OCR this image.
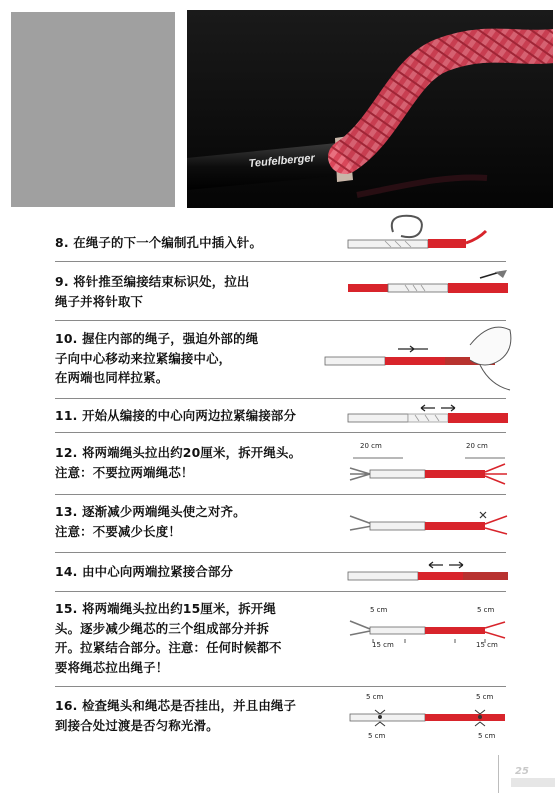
Teufelberger
8. 在绳子的下一个编制孔中插入针。
9. 将针推至编接结束标识处，拉出
绳子并将针取下
10. 握住内部的绳子，强迫外部的绳
子向中心移动来拉紧编接中心，
在两端也同样拉紧。
11. 开始从编接的中心向两边拉紧编接部分
12. 将两端绳头拉出约20厘米，拆开绳头。
注意：不要拉两端绳芯！
20 cm	20 cm
13. 逐渐减少两端绳头使之对齐。
注意：不要减少长度！
14. 由中心向两端拉紧接合部分
15. 将两端绳头拉出约15厘米，拆开绳
头。逐步减少绳芯的三个组成部分并拆
开。拉紧结合部分。注意：任何时候都不
要将绳芯拉出绳子！
5 cm	5 cm
15 cm	15 cm
16. 检查绳头和绳芯是否挂出，并且由绳子
到接合处过渡是否匀称光滑。
5 cm	5 cm
5 cm	5 cm
25
